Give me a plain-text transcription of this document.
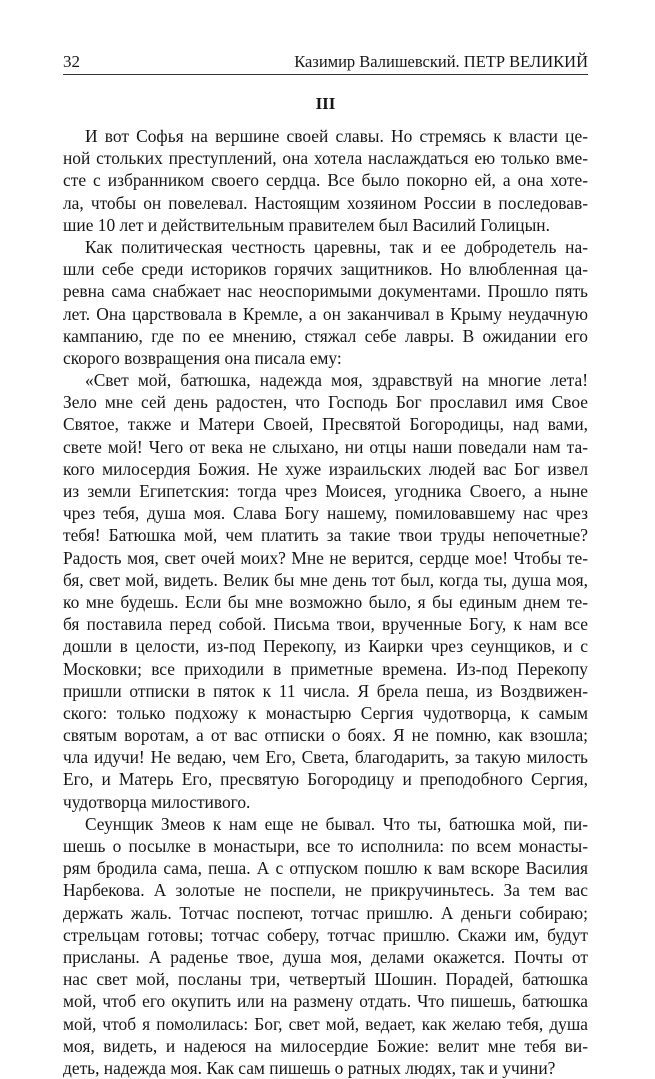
32	Казимир Валишевский. ПЕТР ВЕЛИКИЙ
III
И вот Софья на вершине своей славы. Но стремясь к власти це-
ной стольких преступлений, она хотела наслаждаться ею только вме-
сте с избранником своего сердца. Все было покорно ей, а она хоте-
ла, чтобы он повелевал. Настоящим хозяином России в последовав-
шие 10 лет и действительным правителем был Василий Голицын.
Как политическая честность царевны, так и ее добродетель на-
шли себе среди историков горячих защитников. Но влюбленная ца-
ревна сама снабжает нас неоспоримыми документами. Прошло пять
лет. Она царствовала в Кремле, а он заканчивал в Крыму неудачную
кампанию, где по ее мнению, стяжал себе лавры. В ожидании его
скорого возвращения она писала ему:
«Свет мой, батюшка, надежда моя, здравствуй на многие лета!
Зело мне сей день радостен, что Господь Бог прославил имя Свое
Святое, также и Матери Своей, Пресвятой Богородицы, над вами,
свете мой! Чего от века не слыхано, ни отцы наши поведали нам та-
кого милосердия Божия. Не хуже израильских людей вас Бог извел
из земли Египетския: тогда чрез Моисея, угодника Своего, а ныне
чрез тебя, душа моя. Слава Богу нашему, помиловавшему нас чрез
тебя! Батюшка мой, чем платить за такие твои труды непочетные?
Радость моя, свет очей моих? Мне не верится, сердце мое! Чтобы те-
бя, свет мой, видеть. Велик бы мне день тот был, когда ты, душа моя,
ко мне будешь. Если бы мне возможно было, я бы единым днем те-
бя поставила перед собой. Письма твои, врученные Богу, к нам все
дошли в целости, из-под Перекопу, из Каирки чрез сеунщиков, и с
Московки; все приходили в приметные времена. Из-под Перекопу
пришли отписки в пяток к 11 числа. Я брела пеша, из Воздвижен-
ского: только подхожу к монастырю Сергия чудотворца, к самым
святым воротам, а от вас отписки о боях. Я не помню, как взошла;
чла идучи! Не ведаю, чем Его, Света, благодарить, за такую милость
Его, и Матерь Его, пресвятую Богородицу и преподобного Сергия,
чудотворца милостивого.
Сеунщик Змеов к нам еще не бывал. Что ты, батюшка мой, пи-
шешь о посылке в монастыри, все то исполнила: по всем монасты-
рям бродила сама, пеша. А с отпуском пошлю к вам вскоре Василия
Нарбекова. А золотые не поспели, не прикручиньтесь. За тем вас
держать жаль. Тотчас поспеют, тотчас пришлю. А деньги собираю;
стрельцам готовы; тотчас соберу, тотчас пришлю. Скажи им, будут
присланы. А раденье твое, душа моя, делами окажется. Почты от
нас свет мой, посланы три, четвертый Шошин. Порадей, батюшка
мой, чтоб его окупить или на размену отдать. Что пишешь, батюшка
мой, чтоб я помолилась: Бог, свет мой, ведает, как желаю тебя, душа
моя, видеть, и надеюся на милосердие Божие: велит мне тебя ви-
деть, надежда моя. Как сам пишешь о ратных людях, так и учини?
